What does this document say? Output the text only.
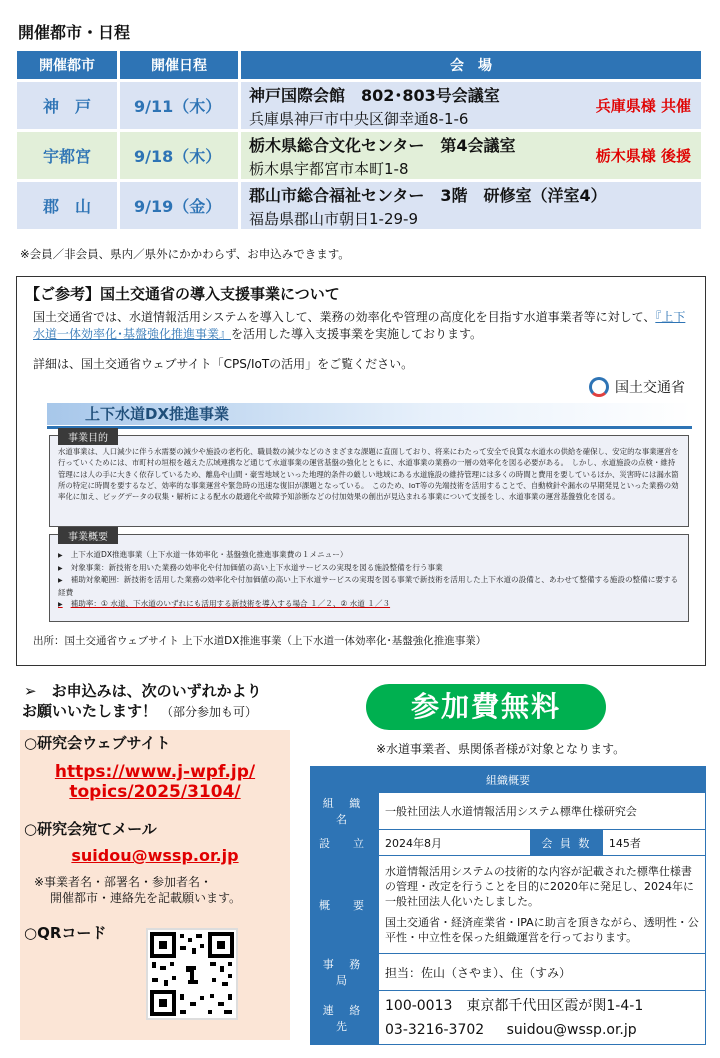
開催都市・日程
開催都市	開催日程	会　場
神　戸	9/11（木）	神戸国際会館　802･803号会議室
兵庫県神戸市中央区御幸通8-1-6
兵庫県様 共催

宇都宮	9/18（木）	栃木県総合文化センター　第4会議室
栃木県宇都宮市本町1-8
栃木県様 後援

郡　山	9/19（金）	郡山市総合福祉センター　3階　研修室（洋室4）
福島県郡山市朝日1-29-9
※会員／非会員、県内／県外にかかわらず、お申込みできます。
【ご参考】国土交通省の導入支援事業について
国土交通省では、水道情報活用システムを導入して、業務の効率化や管理の高度化を目指す水道事業者等に対して、『上下水道一体効率化･基盤強化推進事業』を活用した導入支援事業を実施しております。
詳細は、国土交通省ウェブサイト「CPS/IoTの活用」をご覧ください。
国土交通省
上下水道DX推進事業
事業目的
水道事業は、人口減少に伴う水需要の減少や施設の老朽化、職員数の減少などのさまざまな課題に直面しており、将来にわたって安全で良質な水道水の供給を確保し、安定的な事業運営を行っていくためには、市町村の垣根を越えた広域連携など通じて水道事業の運営基盤の強化とともに、水道事業の業務の一層の効率化を図る必要がある。　しかし、水道施設の点検・維持管理には人の手に大きく依存しているため、離島や山間・豪雪地域といった地理的条件の厳しい地域にある水道施設の維持管理には多くの時間と費用を要しているほか、災害時には漏水箇所の特定に時間を要するなど、効率的な事業運営や緊急時の迅速な復旧が課題となっている。　このため、IoT等の先端技術を活用することで、自動検針や漏水の早期発見といった業務の効率化に加え、ビッグデータの収集・解析による配水の最適化や故障予知診断などの付加効果の創出が見込まれる事業について支援をし、水道事業の運営基盤強化を図る。
事業概要
▶ 上下水道DX推進事業（上下水道一体効率化・基盤強化推進事業費の１メニュー）
▶ 対象事業：新技術を用いた業務の効率化や付加価値の高い上下水道サービスの実現を図る施設整備を行う事業
▶ 補助対象範囲：新技術を活用した業務の効率化や付加価値の高い上下水道サービスの実現を図る事業で新技術を活用した上下水道の設備と、あわせて整備する施設の整備に要する経費
▶ 補助率：① 水道、下水道のいずれにも活用する新技術を導入する場合 １／２、② 水道 １／３
出所：国土交通省ウェブサイト 上下水道DX推進事業（上下水道一体効率化･基盤強化推進事業）
➢　お申込みは、次のいずれかより
お願いいたします！ （部分参加も可）	参加費無料
※水道事業者、県関係者様が対象となります。
○研究会ウェブサイト
https://www.j-wpf.jp/
topics/2025/3104/
○研究会宛てメール
suidou@wssp.or.jp
※事業者名・部署名・参加者名・
開催都市・連絡先を記載願います。
○QRコード
組織概要			
組 織 名	一般社団法人水道情報活用システム標準仕様研究会		
設　立	2024年8月	会 員 数	145者
概　要	水道情報活用システムの技術的な内容が記載された標準仕様書の管理・改定を行うことを目的に2020年に発足し、2024年に一般社団法人化いたしました。
国土交通省・経済産業省・IPAに助言を頂きながら、透明性・公平性・中立性を保った組織運営を行っております。		

事 務 局	担当：佐山（さやま）、住（すみ）		
連 絡 先	100-0013　東京都千代田区霞が関1-4-1
03-3216-3702 suidou@wssp.or.jp		
